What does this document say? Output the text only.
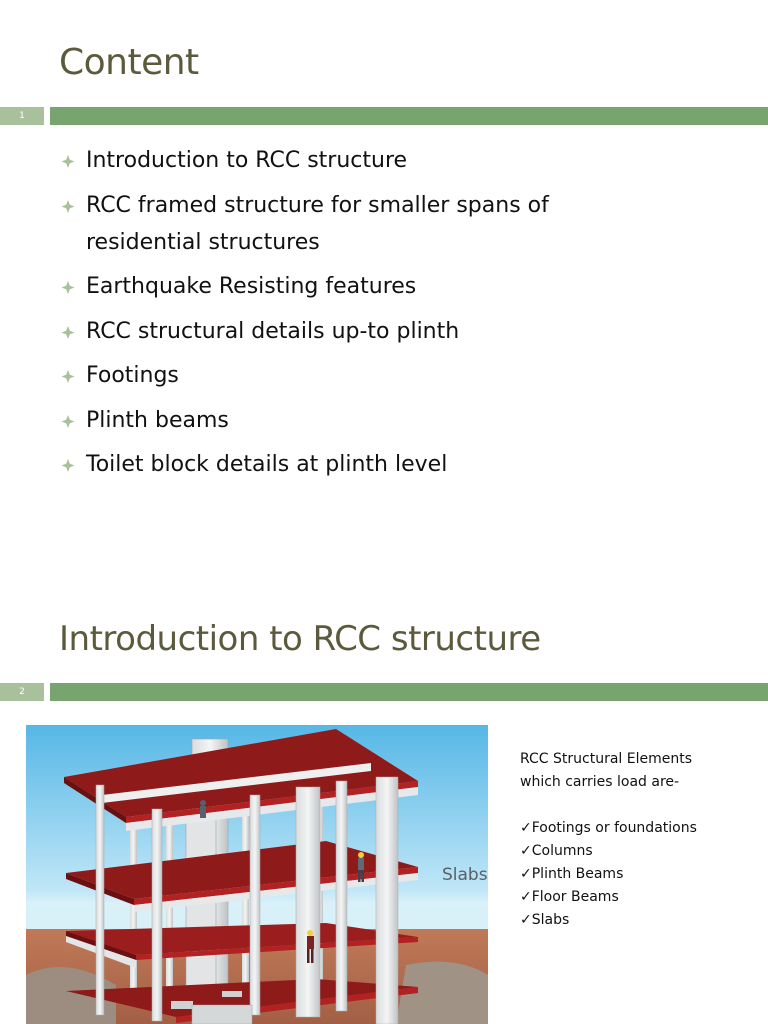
Content
1
Introduction to RCC structure
RCC framed structure for smaller spans of residential structures
Earthquake Resisting features
RCC structural details up-to plinth
Footings
Plinth beams
Toilet block details at plinth level
Introduction to RCC structure
2
Slabs

RCC Structural Elements

which carries load are-

✓Footings or foundations

✓Columns

✓Plinth Beams

✓Floor Beams

✓Slabs
